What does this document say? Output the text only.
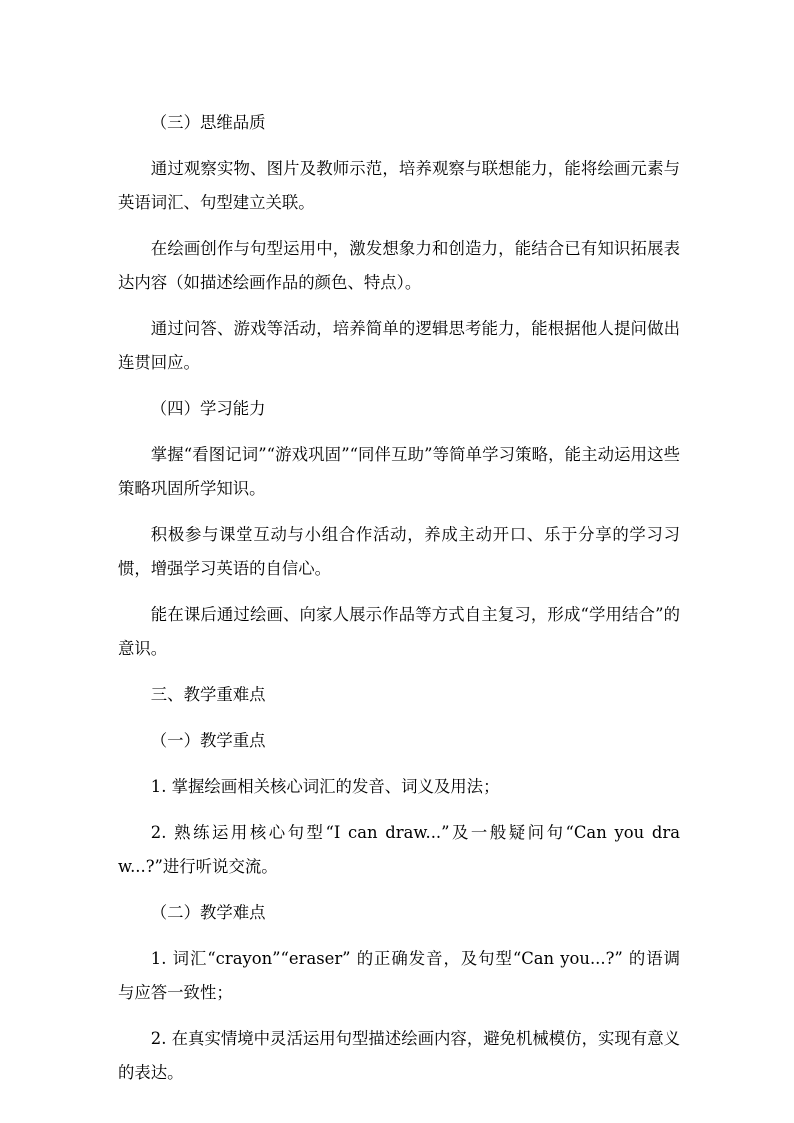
（三）思维品质

通过观察实物、图片及教师示范，培养观察与联想能力，能将绘画元素与英语词汇、句型建立关联。

在绘画创作与句型运用中，激发想象力和创造力，能结合已有知识拓展表达内容（如描述绘画作品的颜色、特点）。

通过问答、游戏等活动，培养简单的逻辑思考能力，能根据他人提问做出连贯回应。

（四）学习能力

掌握“看图记词”“游戏巩固”“同伴互助”等简单学习策略，能主动运用这些策略巩固所学知识。

积极参与课堂互动与小组合作活动，养成主动开口、乐于分享的学习习惯，增强学习英语的自信心。

能在课后通过绘画、向家人展示作品等方式自主复习，形成“学用结合”的意识。

三、教学重难点

（一）教学重点

1. 掌握绘画相关核心词汇的发音、词义及用法；

2. 熟练运用核心句型“I can draw...”及一般疑问句“Can you draw...?”进行听说交流。

（二）教学难点

1. 词汇“crayon”“eraser” 的正确发音，及句型“Can you...?” 的语调与应答一致性；

2. 在真实情境中灵活运用句型描述绘画内容，避免机械模仿，实现有意义的表达。
